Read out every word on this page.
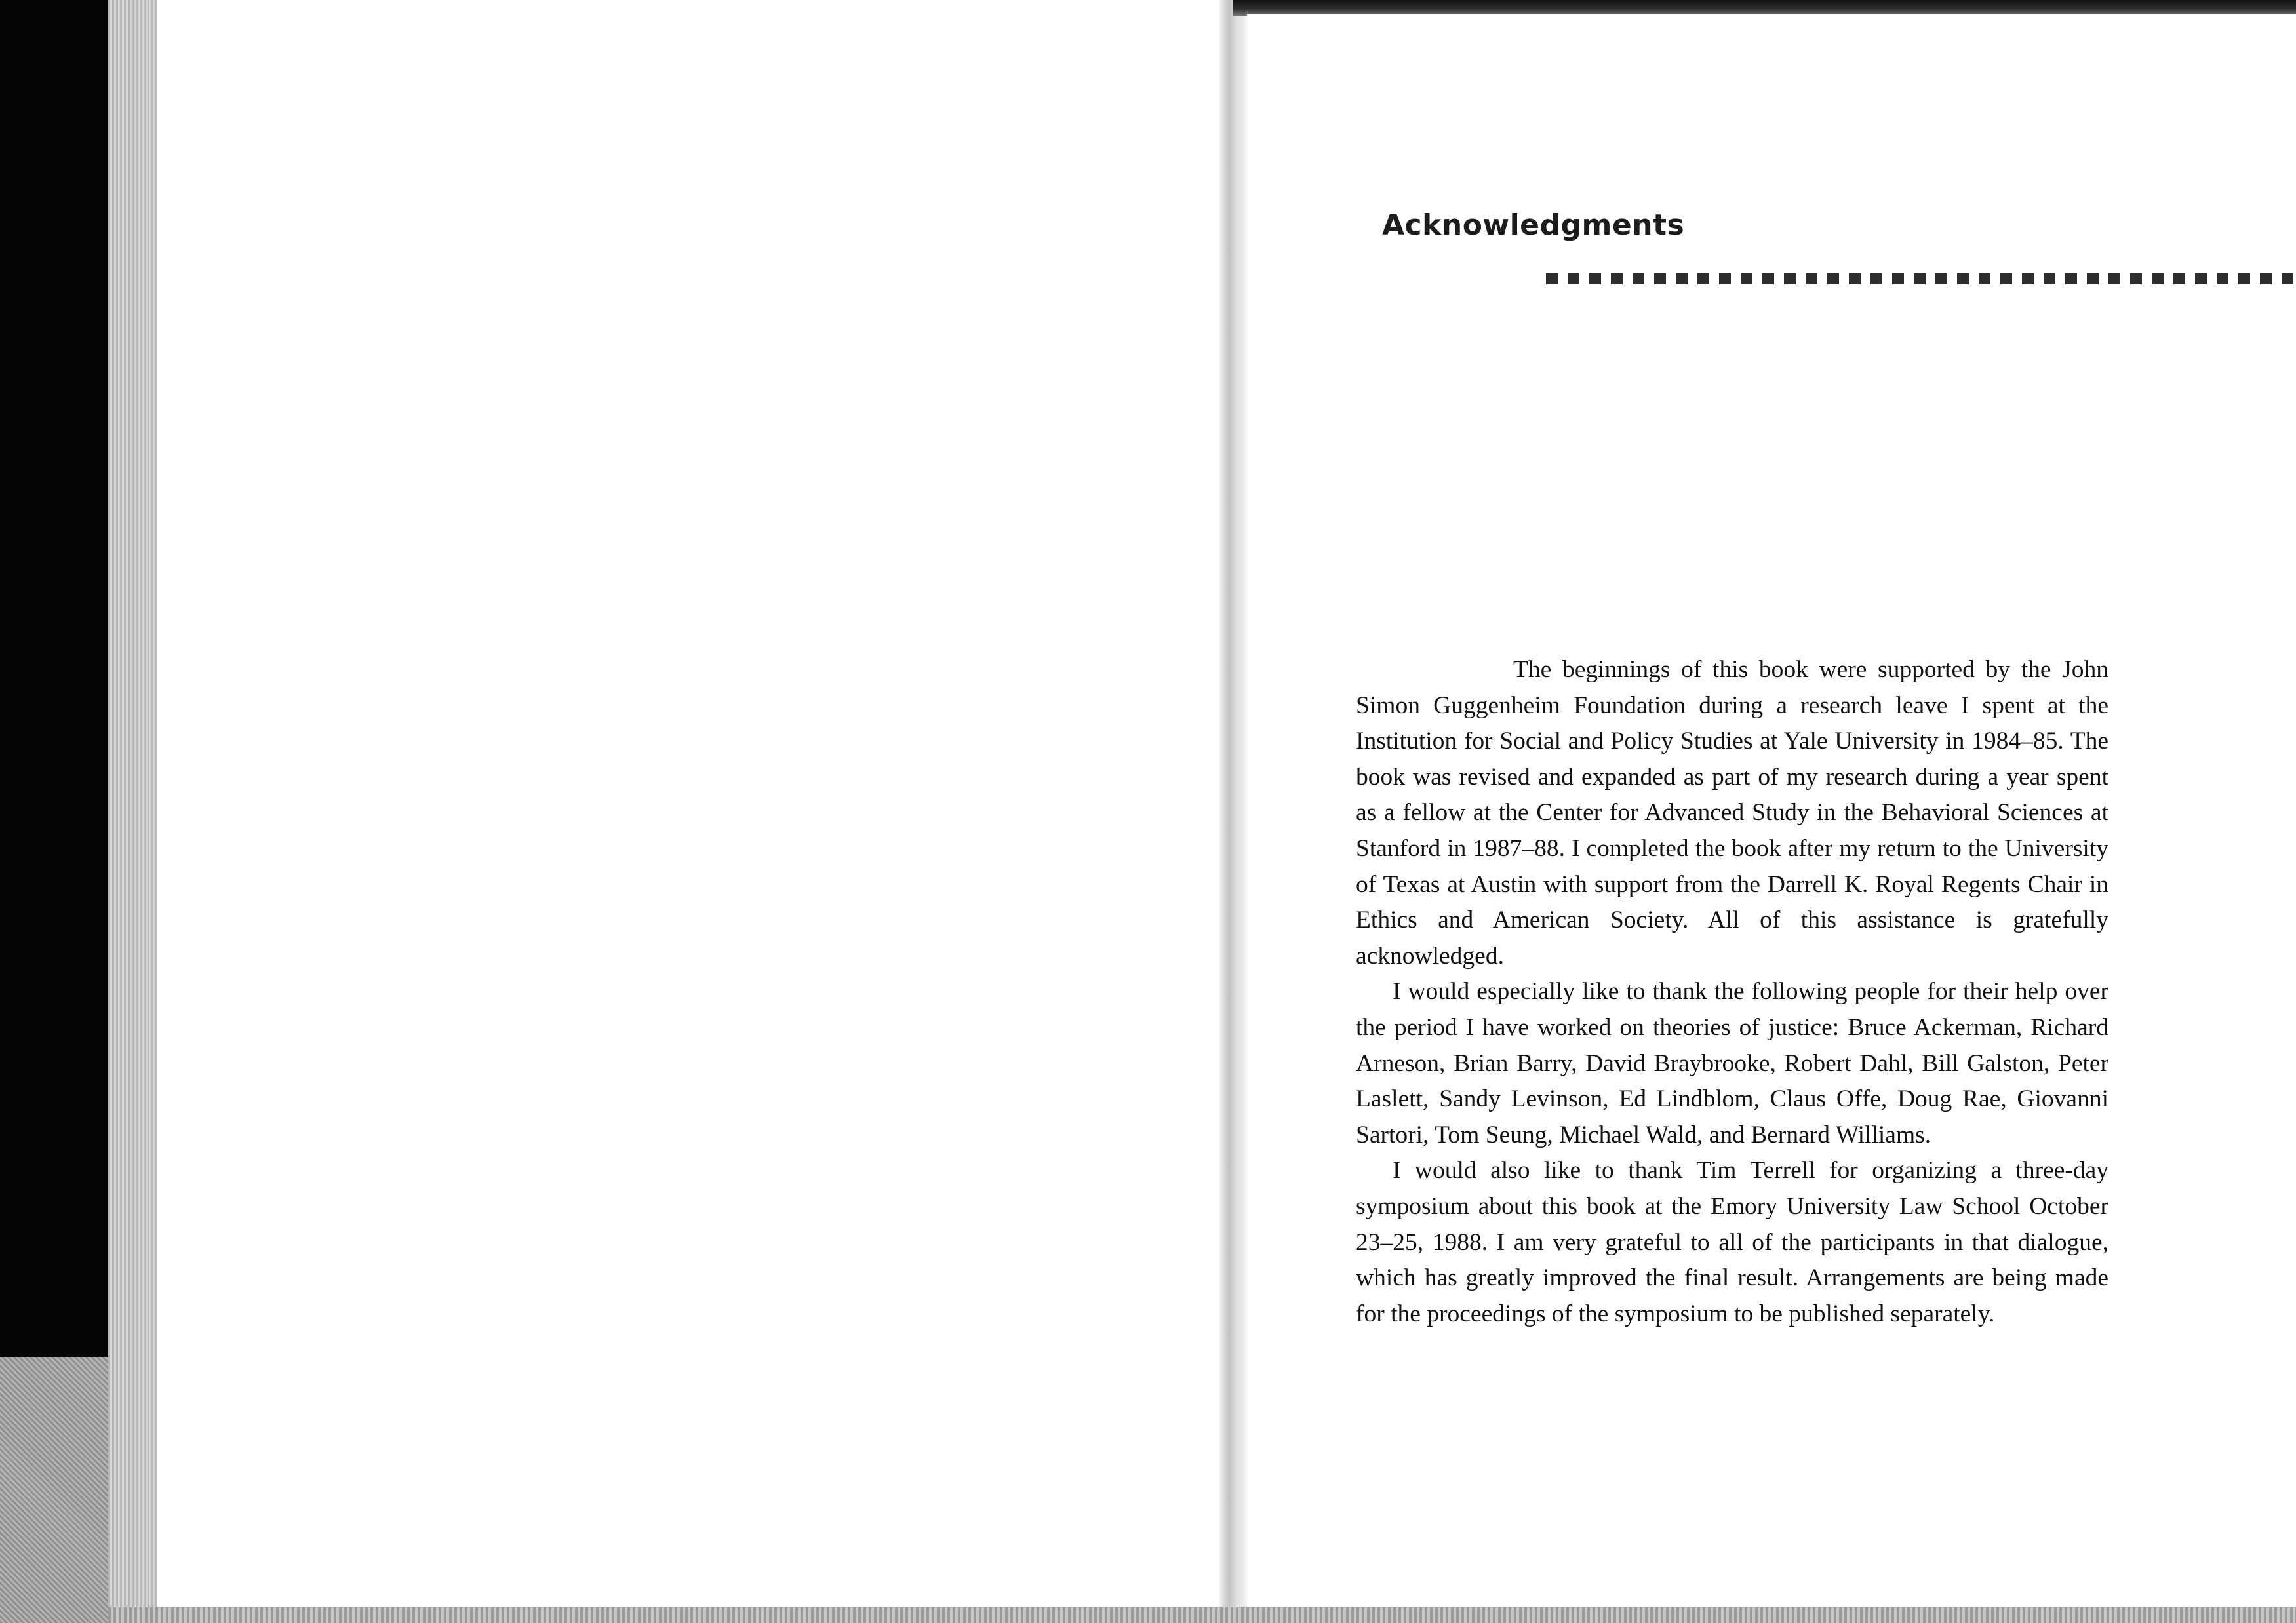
Acknowledgments

The beginnings of this book were supported by the John Simon Guggenheim Foundation during a research leave I spent at the Institution for Social and Policy Studies at Yale University in 1984–85. The book was revised and expanded as part of my research during a year spent as a fellow at the Center for Advanced Study in the Behavioral Sciences at Stanford in 1987–88. I completed the book after my return to the University of Texas at Austin with support from the Darrell K. Royal Regents Chair in Ethics and American Society. All of this assistance is gratefully acknowledged.

I would especially like to thank the following people for their help over the period I have worked on theories of justice: Bruce Ackerman, Richard Arneson, Brian Barry, David Braybrooke, Robert Dahl, Bill Galston, Peter Laslett, Sandy Levinson, Ed Lindblom, Claus Offe, Doug Rae, Giovanni Sartori, Tom Seung, Michael Wald, and Bernard Williams.

I would also like to thank Tim Terrell for organizing a three-day symposium about this book at the Emory University Law School October 23–25, 1988. I am very grateful to all of the participants in that dialogue, which has greatly improved the final result. Arrangements are being made for the proceedings of the symposium to be published separately.
